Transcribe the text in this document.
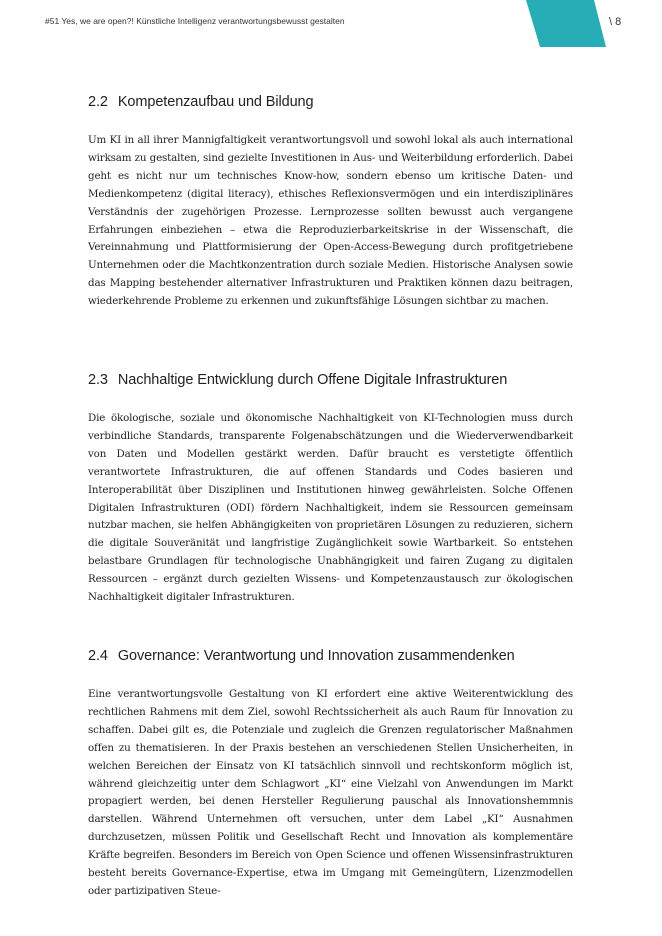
#51 Yes, we are open?! Künstliche Intelligenz verantwortungsbewusst gestalten	\ 8
2.2 Kompetenzaufbau und Bildung

Um KI in all ihrer Mannigfaltigkeit verantwortungsvoll und sowohl lokal als auch international wirksam zu gestalten, sind gezielte Investitionen in Aus- und Weiterbildung erforderlich. Dabei geht es nicht nur um technisches Know-how, sondern ebenso um kritische Daten- und Medienkompetenz (digital literacy), ethisches Reflexionsvermögen und ein interdisziplinäres Verständnis der zugehörigen Prozesse. Lernprozesse sollten bewusst auch vergangene Erfahrungen einbeziehen – etwa die Reproduzierbarkeitskrise in der Wissenschaft, die Vereinnahmung und Plattformisierung der Open-Access-Bewegung durch profitgetriebene Unternehmen oder die Machtkonzentration durch soziale Medien. Historische Analysen sowie das Mapping bestehender alternativer Infrastrukturen und Praktiken können dazu beitragen, wiederkehrende Probleme zu erkennen und zukunftsfähige Lösungen sichtbar zu machen.

2.3 Nachhaltige Entwicklung durch Offene Digitale Infrastrukturen

Die ökologische, soziale und ökonomische Nachhaltigkeit von KI-Technologien muss durch verbindliche Standards, transparente Folgenabschätzungen und die Wiederverwendbarkeit von Daten und Modellen gestärkt werden. Dafür braucht es verstetigte öffentlich verantwortete Infrastrukturen, die auf offenen Standards und Codes basieren und Interoperabilität über Disziplinen und Institutionen hinweg gewährleisten. Solche Offenen Digitalen Infrastrukturen (ODI) fördern Nachhaltigkeit, indem sie Ressourcen gemeinsam nutzbar machen, sie helfen Abhängigkeiten von proprietären Lösungen zu reduzieren, sichern die digitale Souveränität und langfristige Zugänglichkeit sowie Wartbarkeit. So entstehen belastbare Grundlagen für technologische Unabhängigkeit und fairen Zugang zu digitalen Ressourcen – ergänzt durch gezielten Wissens- und Kompetenzaustausch zur ökologischen Nachhaltigkeit digitaler Infrastrukturen.

2.4 Governance: Verantwortung und Innovation zusammendenken

Eine verantwortungsvolle Gestaltung von KI erfordert eine aktive Weiterentwicklung des rechtlichen Rahmens mit dem Ziel, sowohl Rechtssicherheit als auch Raum für Innovation zu schaffen. Dabei gilt es, die Potenziale und zugleich die Grenzen regulatorischer Maßnahmen offen zu thematisieren. In der Praxis bestehen an verschiedenen Stellen Unsicherheiten, in welchen Bereichen der Einsatz von KI tatsächlich sinnvoll und rechtskonform möglich ist, während gleichzeitig unter dem Schlagwort „KI“ eine Vielzahl von Anwendungen im Markt propagiert werden, bei denen Hersteller Regulierung pauschal als Innovationshemmnis darstellen. Während Unternehmen oft versuchen, unter dem Label „KI“ Ausnahmen durchzusetzen, müssen Politik und Gesellschaft Recht und Innovation als komplementäre Kräfte begreifen. Besonders im Bereich von Open Science und offenen Wissensinfrastrukturen besteht bereits Governance-Expertise, etwa im Umgang mit Gemeingütern, Lizenzmodellen oder partizipativen Steue-
